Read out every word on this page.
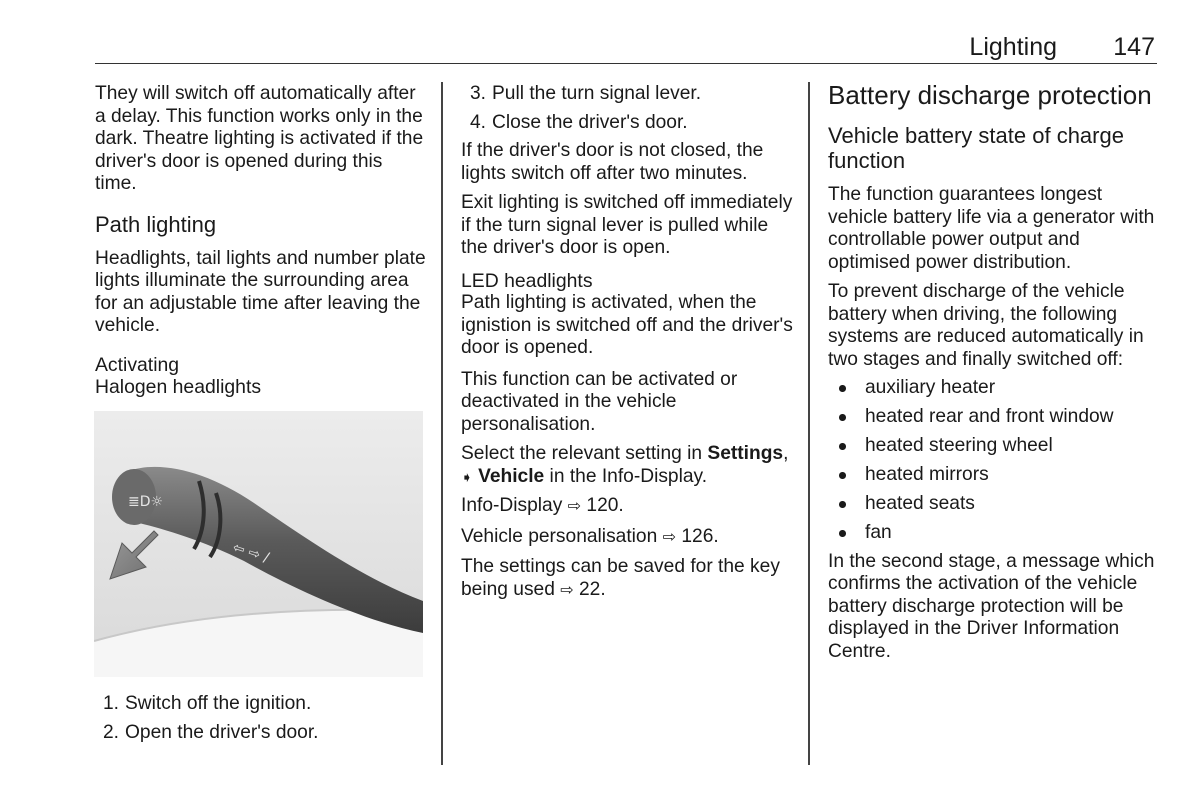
Lighting 147
They will switch off automatically after a delay. This function works only in the dark. Theatre lighting is activated if the driver's door is opened during this time.
Path lighting
Headlights, tail lights and number plate lights illuminate the surrounding area for an adjustable time after leaving the vehicle.
Activating
Halogen headlights
≣D☼
⇦ ⇨ ∕
1. Switch off the ignition.
2. Open the driver's door.
3. Pull the turn signal lever.
4. Close the driver's door.
If the driver's door is not closed, the lights switch off after two minutes.
Exit lighting is switched off immediately if the turn signal lever is pulled while the driver's door is open.
LED headlights
Path lighting is activated, when the ignistion is switched off and the driver's door is opened.
This function can be activated or deactivated in the vehicle personalisation.
Select the relevant setting in Settings,
➧ Vehicle in the Info-Display.
Info-Display ⇨ 120.
Vehicle personalisation ⇨ 126.
The settings can be saved for the key being used ⇨ 22.
Battery discharge protection
Vehicle battery state of charge function
The function guarantees longest vehicle battery life via a generator with controllable power output and optimised power distribution.
To prevent discharge of the vehicle battery when driving, the following systems are reduced automatically in two stages and finally switched off:
auxiliary heater
heated rear and front window
heated steering wheel
heated mirrors
heated seats
fan
In the second stage, a message which confirms the activation of the vehicle battery discharge protection will be displayed in the Driver Information Centre.
